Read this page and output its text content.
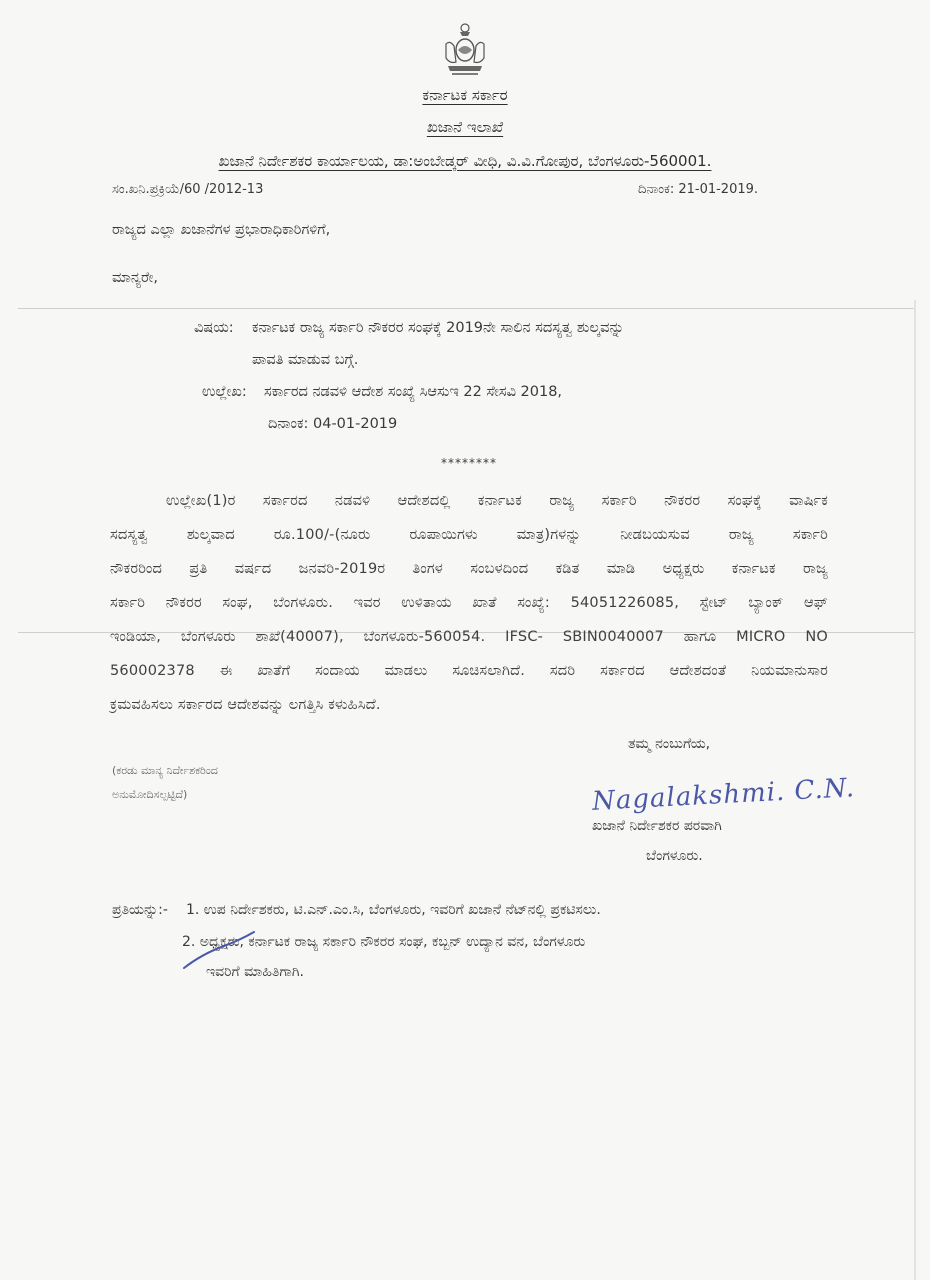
ಕರ್ನಾಟಕ ಸರ್ಕಾರ
ಖಜಾನೆ ಇಲಾಖೆ
ಖಜಾನೆ ನಿರ್ದೇಶಕರ ಕಾರ್ಯಾಲಯ, ಡಾ:ಅಂಬೇಡ್ಕರ್ ವೀಧಿ, ವಿ.ವಿ.ಗೋಪುರ, ಬೆಂಗಳೂರು-560001.
ಸಂ.ಖನಿ.ಪ್ರಕ್ರಿಯೆ/60 /2012-13	ದಿನಾಂಕ: 21-01-2019.
ರಾಜ್ಯದ ಎಲ್ಲಾ ಖಜಾನೆಗಳ ಪ್ರಭಾರಾಧಿಕಾರಿಗಳಿಗೆ,
ಮಾನ್ಯರೇ,
ವಿಷಯ: ಕರ್ನಾಟಕ ರಾಜ್ಯ ಸರ್ಕಾರಿ ನೌಕರರ ಸಂಘಕ್ಕೆ 2019ನೇ ಸಾಲಿನ ಸದಸ್ಯತ್ವ ಶುಲ್ಕವನ್ನು
ಪಾವತಿ ಮಾಡುವ ಬಗ್ಗೆ.
ಉಲ್ಲೇಖ: ಸರ್ಕಾರದ ನಡವಳಿ ಆದೇಶ ಸಂಖ್ಯೆ ಸಿಆಸುಇ 22 ಸೇಸವಿ 2018,
ದಿನಾಂಕ: 04-01-2019
********
ಉಲ್ಲೇಖ(1)ರ ಸರ್ಕಾರದ ನಡವಳಿ ಆದೇಶದಲ್ಲಿ ಕರ್ನಾಟಕ ರಾಜ್ಯ ಸರ್ಕಾರಿ ನೌಕರರ ಸಂಘಕ್ಕೆ ವಾರ್ಷಿಕ
ಸದಸ್ಯತ್ವ ಶುಲ್ಕವಾದ ರೂ.100/-(ನೂರು ರೂಪಾಯಿಗಳು ಮಾತ್ರ)ಗಳನ್ನು ನೀಡಬಯಸುವ ರಾಜ್ಯ ಸರ್ಕಾರಿ
ನೌಕರರಿಂದ ಪ್ರತಿ ವರ್ಷದ ಜನವರಿ-2019ರ ತಿಂಗಳ ಸಂಬಳದಿಂದ ಕಡಿತ ಮಾಡಿ ಅಧ್ಯಕ್ಷರು ಕರ್ನಾಟಕ ರಾಜ್ಯ
ಸರ್ಕಾರಿ ನೌಕರರ ಸಂಘ, ಬೆಂಗಳೂರು. ಇವರ ಉಳಿತಾಯ ಖಾತೆ ಸಂಖ್ಯೆ: 54051226085, ಸ್ಟೇಟ್ ಬ್ಯಾಂಕ್ ಆಫ್
ಇಂಡಿಯಾ, ಬೆಂಗಳೂರು ಶಾಖೆ(40007), ಬೆಂಗಳೂರು-560054. IFSC- SBIN0040007 ಹಾಗೂ MICRO NO
560002378 ಈ ಖಾತೆಗೆ ಸಂದಾಯ ಮಾಡಲು ಸೂಚಿಸಲಾಗಿದೆ. ಸದರಿ ಸರ್ಕಾರದ ಆದೇಶದಂತೆ ನಿಯಮಾನುಸಾರ
ಕ್ರಮವಹಿಸಲು ಸರ್ಕಾರದ ಆದೇಶವನ್ನು ಲಗತ್ತಿಸಿ ಕಳುಹಿಸಿದೆ.
ತಮ್ಮ ನಂಬುಗೆಯ,
(ಕರಡು ಮಾನ್ಯ ನಿರ್ದೇಶಕರಿಂದ
ಅನುಮೋದಿಸಲ್ಪಟ್ಟಿದೆ)	Nagalakshmi. C.N.
ಖಜಾನೆ ನಿರ್ದೇಶಕರ ಪರವಾಗಿ
ಬೆಂಗಳೂರು.
ಪ್ರತಿಯನ್ನು:- 1. ಉಪ ನಿರ್ದೇಶಕರು, ಟಿ.ಎನ್.ಎಂ.ಸಿ, ಬೆಂಗಳೂರು, ಇವರಿಗೆ ಖಜಾನೆ ನೆಟ್‌ನಲ್ಲಿ ಪ್ರಕಟಿಸಲು.
2. ಅಧ್ಯಕ್ಷರು, ಕರ್ನಾಟಕ ರಾಜ್ಯ ಸರ್ಕಾರಿ ನೌಕರರ ಸಂಘ, ಕಬ್ಬನ್ ಉದ್ಯಾನ ವನ, ಬೆಂಗಳೂರು
ಇವರಿಗೆ ಮಾಹಿತಿಗಾಗಿ.
